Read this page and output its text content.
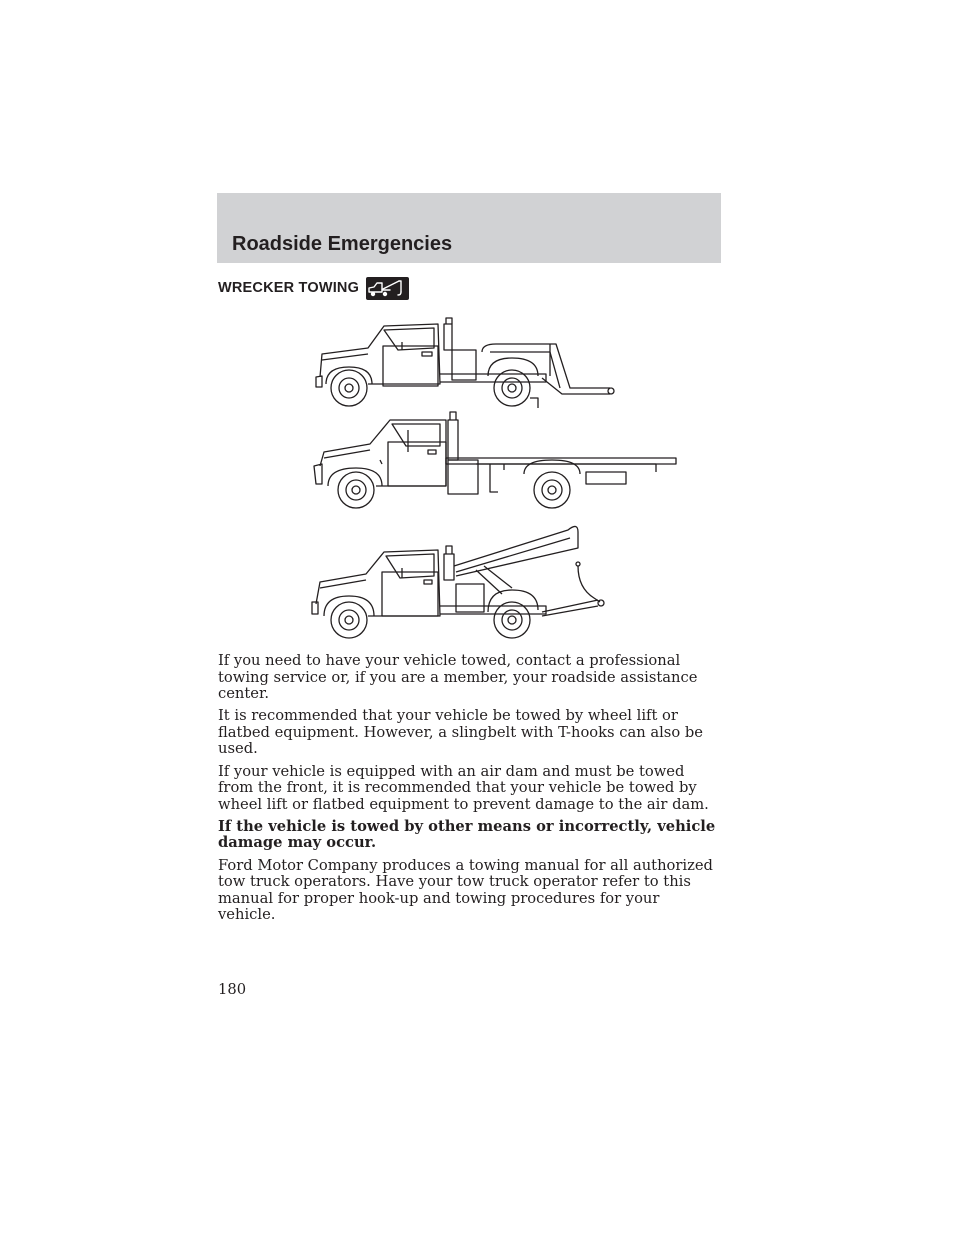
Roadside Emergencies
WRECKER TOWING

If you need to have your vehicle towed, contact a professional towing service or, if you are a member, your roadside assistance center.

It is recommended that your vehicle be towed by wheel lift or flatbed equipment. However, a slingbelt with T-hooks can also be used.

If your vehicle is equipped with an air dam and must be towed from the front, it is recommended that your vehicle be towed by wheel lift or flatbed equipment to prevent damage to the air dam.

If the vehicle is towed by other means or incorrectly, vehicle damage may occur.

Ford Motor Company produces a towing manual for all authorized tow truck operators. Have your tow truck operator refer to this manual for proper hook-up and towing procedures for your vehicle.

180
